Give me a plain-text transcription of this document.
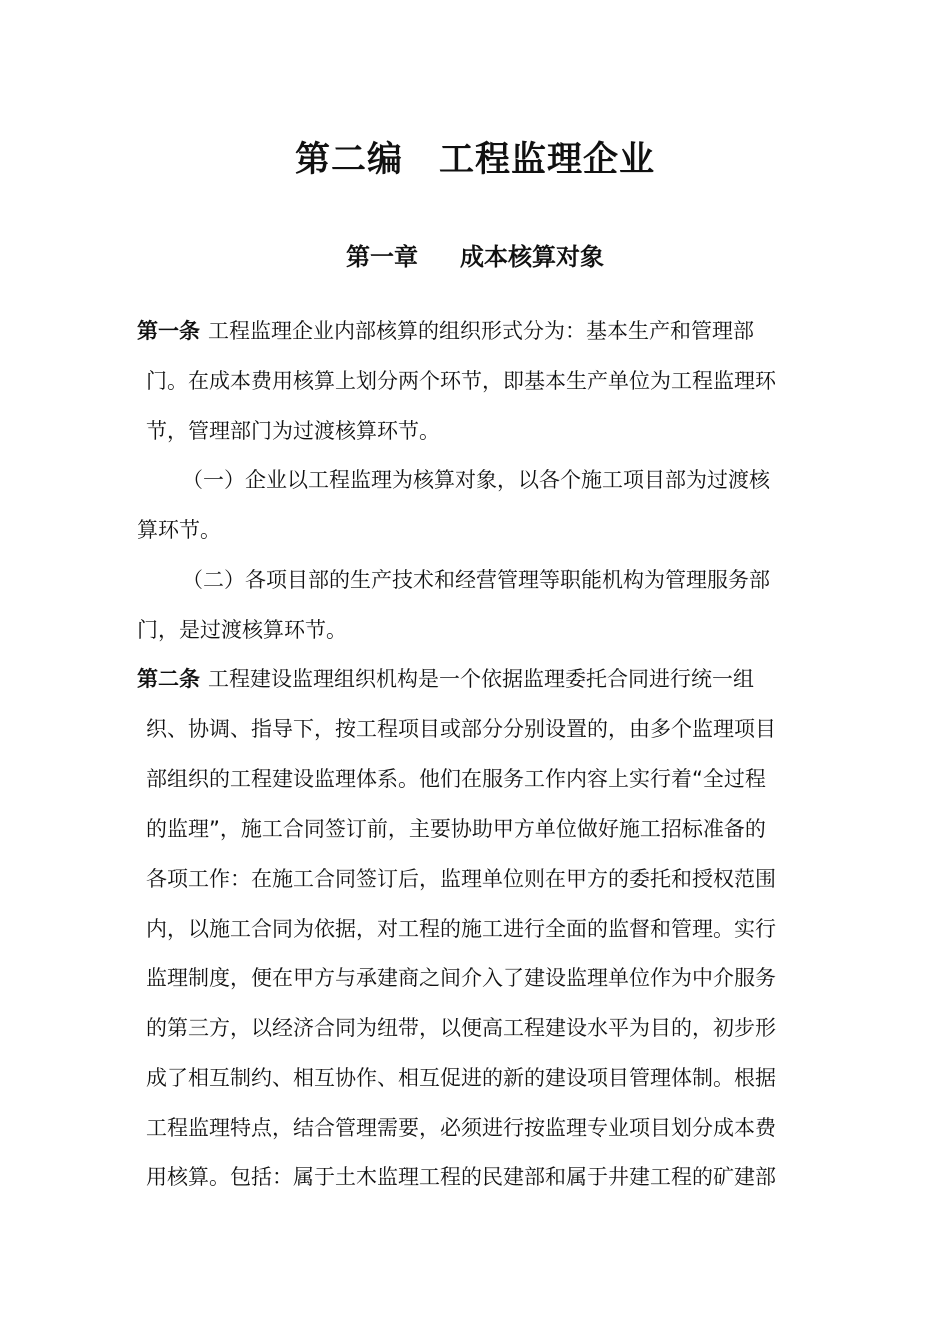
第二编　工程监理企业
第一章 成本核算对象
第一条 工程监理企业内部核算的组织形式分为：基本生产和管理部
门。在成本费用核算上划分两个环节，即基本生产单位为工程监理环
节，管理部门为过渡核算环节。
（一）企业以工程监理为核算对象，以各个施工项目部为过渡核
算环节。
（二）各项目部的生产技术和经营管理等职能机构为管理服务部
门，是过渡核算环节。
第二条 工程建设监理组织机构是一个依据监理委托合同进行统一组
织、协调、指导下，按工程项目或部分分别设置的，由多个监理项目
部组织的工程建设监理体系。他们在服务工作内容上实行着“全过程
的监理”，施工合同签订前，主要协助甲方单位做好施工招标准备的
各项工作：在施工合同签订后，监理单位则在甲方的委托和授权范围
内，以施工合同为依据，对工程的施工进行全面的监督和管理。实行
监理制度，便在甲方与承建商之间介入了建设监理单位作为中介服务
的第三方，以经济合同为纽带，以便高工程建设水平为目的，初步形
成了相互制约、相互协作、相互促进的新的建设项目管理体制。根据
工程监理特点，结合管理需要，必须进行按监理专业项目划分成本费
用核算。包括：属于土木监理工程的民建部和属于井建工程的矿建部
